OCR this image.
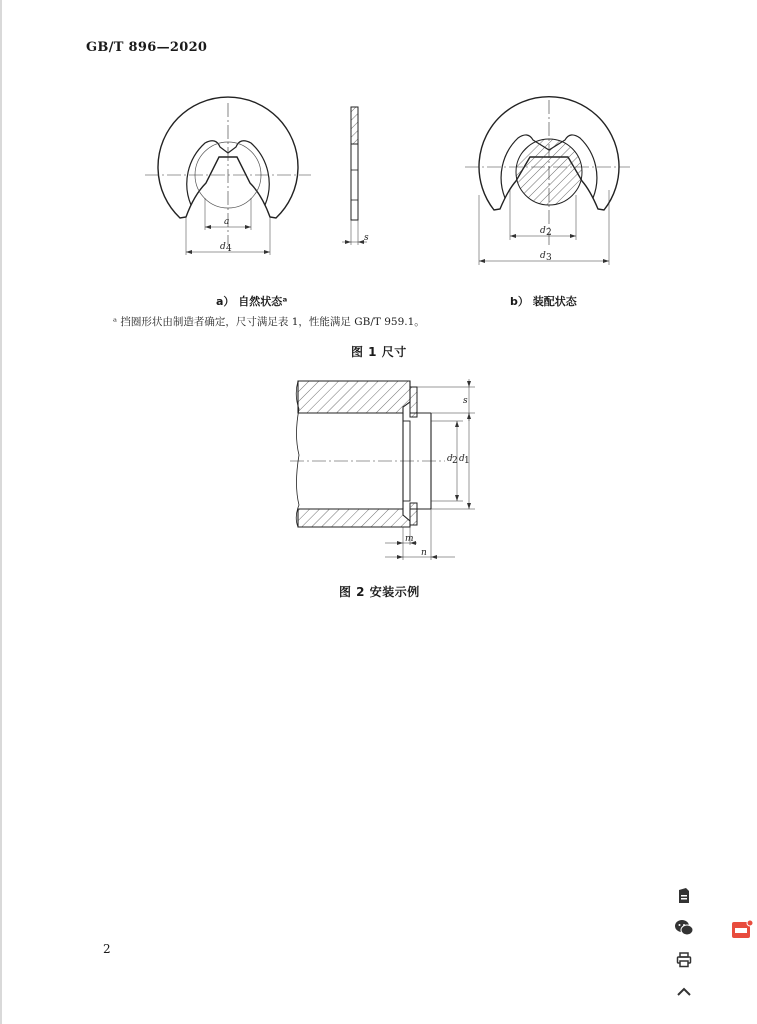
GB/T 896—2020
a
d 4
s
d 2
d 3
a） 自然状态ᵃ	b） 装配状态
ᵃ 挡圈形状由制造者确定，尺寸满足表 1，性能满足 GB/T 959.1。
图 1 尺寸
s
d 2 d 1
m
n
图 2 安装示例
2
